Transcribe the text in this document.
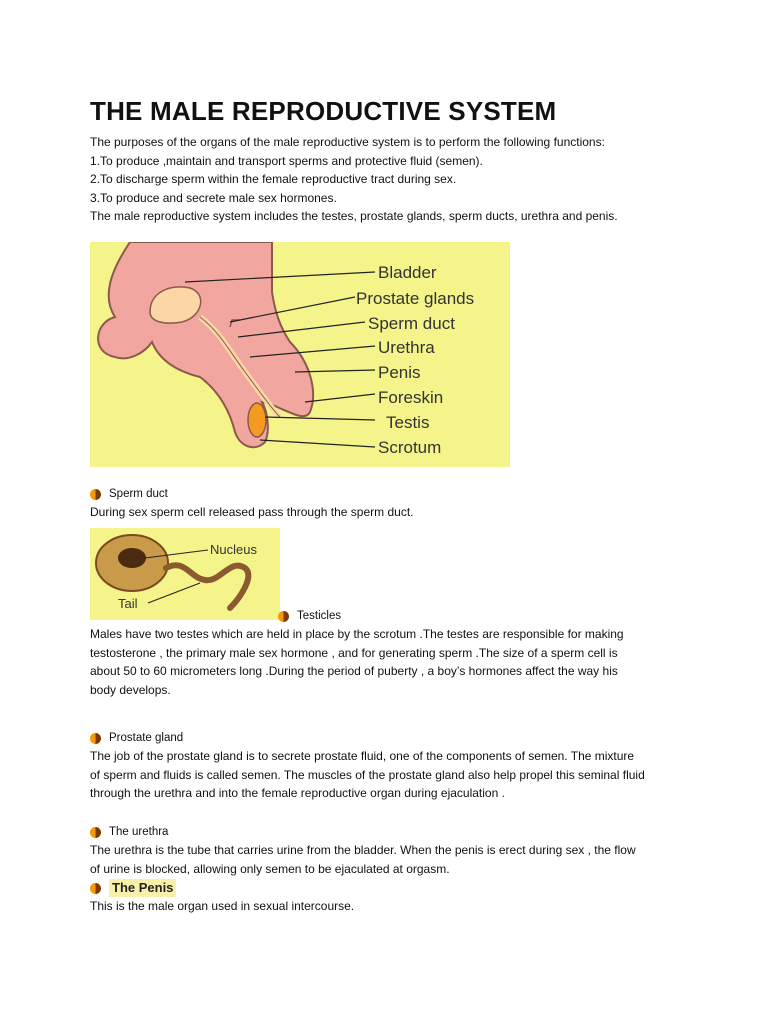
THE MALE REPRODUCTIVE SYSTEM
The purposes of the organs of the male reproductive system is to perform the following functions:
1.To produce ,maintain and transport sperms and protective fluid (semen).
2.To discharge sperm within the female reproductive tract during sex.
3.To produce and secrete male sex hormones.
The male reproductive system includes the testes, prostate glands, sperm ducts, urethra and penis.
Bladder
Prostate glands
Sperm duct
Urethra
Penis
Foreskin
Testis
Scrotum
Sperm duct
During sex sperm cell released pass through the sperm duct.
Nucleus
Tail
Testicles
Males have two testes which are held in place by the scrotum .The testes are responsible for making
testosterone , the primary male sex hormone , and for generating sperm .The size of a sperm cell is
about 50 to 60 micrometers long .During the period of puberty , a boy’s hormones affect the way his
body develops.
Prostate gland
The job of the prostate gland is to secrete prostate fluid, one of the components of semen. The mixture
of sperm and fluids is called semen. The muscles of the prostate gland also help propel this seminal fluid
through the urethra and into the female reproductive organ during ejaculation .
The urethra
The urethra is the tube that carries urine from the bladder. When the penis is erect during sex , the flow
of urine is blocked, allowing only semen to be ejaculated at orgasm.
The Penis
This is the male organ used in sexual intercourse.
